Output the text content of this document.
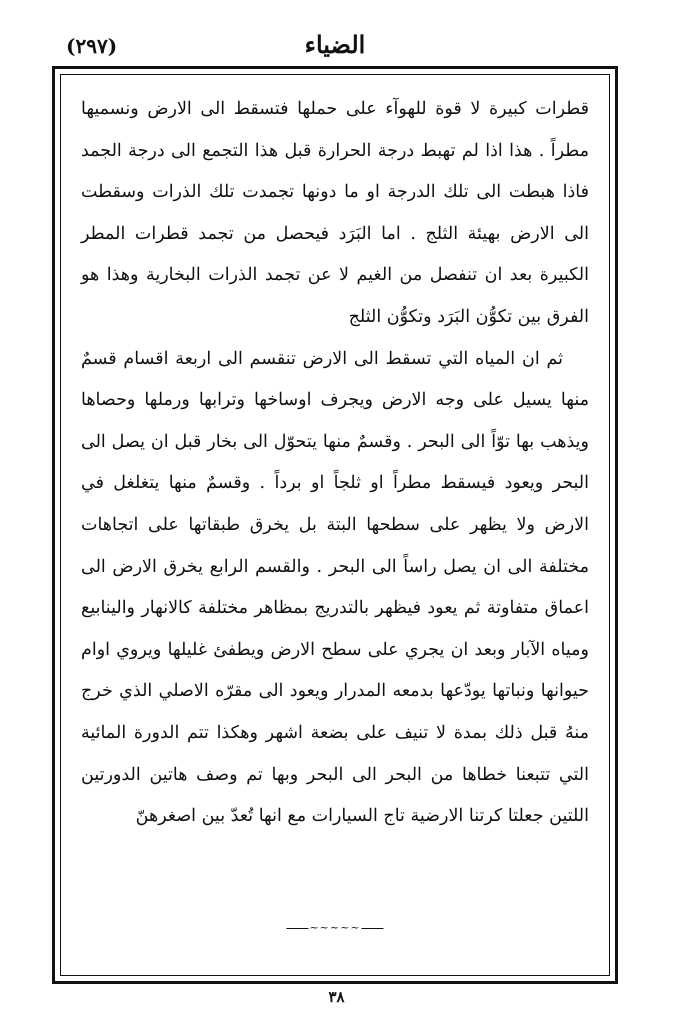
(٢٩٧)	الضياء

قطرات كبيرة لا قوة للهوآء على حملها فتسقط الى الارض ونسميها مطراً . هذا اذا لم تهبط درجة الحرارة قبل هذا التجمع الى درجة الجمد فاذا هبطت الى تلك الدرجة او ما دونها تجمدت تلك الذرات وسقطت الى الارض بهيئة الثلج . اما البَرَد فيحصل من تجمد قطرات المطر الكبيرة بعد ان تنفصل من الغيم لا عن تجمد الذرات البخارية وهذا هو الفرق بين تكوُّن البَرَد وتكوُّن الثلج

ثم ان المياه التي تسقط الى الارض تنقسم الى اربعة اقسام قسمٌ منها يسيل على وجه الارض ويجرف اوساخها وترابها ورملها وحصاها ويذهب بها توّاً الى البحر . وقسمٌ منها يتحوّل الى بخار قبل ان يصل الى البحر ويعود فيسقط مطراً او ثلجاً او برداً . وقسمٌ منها يتغلغل في الارض ولا يظهر على سطحها البتة بل يخرق طبقاتها على اتجاهات مختلفة الى ان يصل راساً الى البحر . والقسم الرابع يخرق الارض الى اعماق متفاوتة ثم يعود فيظهر بالتدريج بمظاهر مختلفة كالانهار والينابيع ومياه الآبار وبعد ان يجري على سطح الارض ويطفئ غليلها ويروي اوام حيوانها ونباتها يودّعها بدمعه المدرار ويعود الى مقرّه الاصلي الذي خرج منهُ قبل ذلك بمدة لا تنيف على بضعة اشهر وهكذا تتم الدورة المائية التي تتبعنا خطاها من البحر الى البحر وبها تم وصف هاتين الدورتين اللتين جعلتا كرتنا الارضية تاج السيارات مع انها تُعدّ بين اصغرهنّ

~~~~~
٣٨
